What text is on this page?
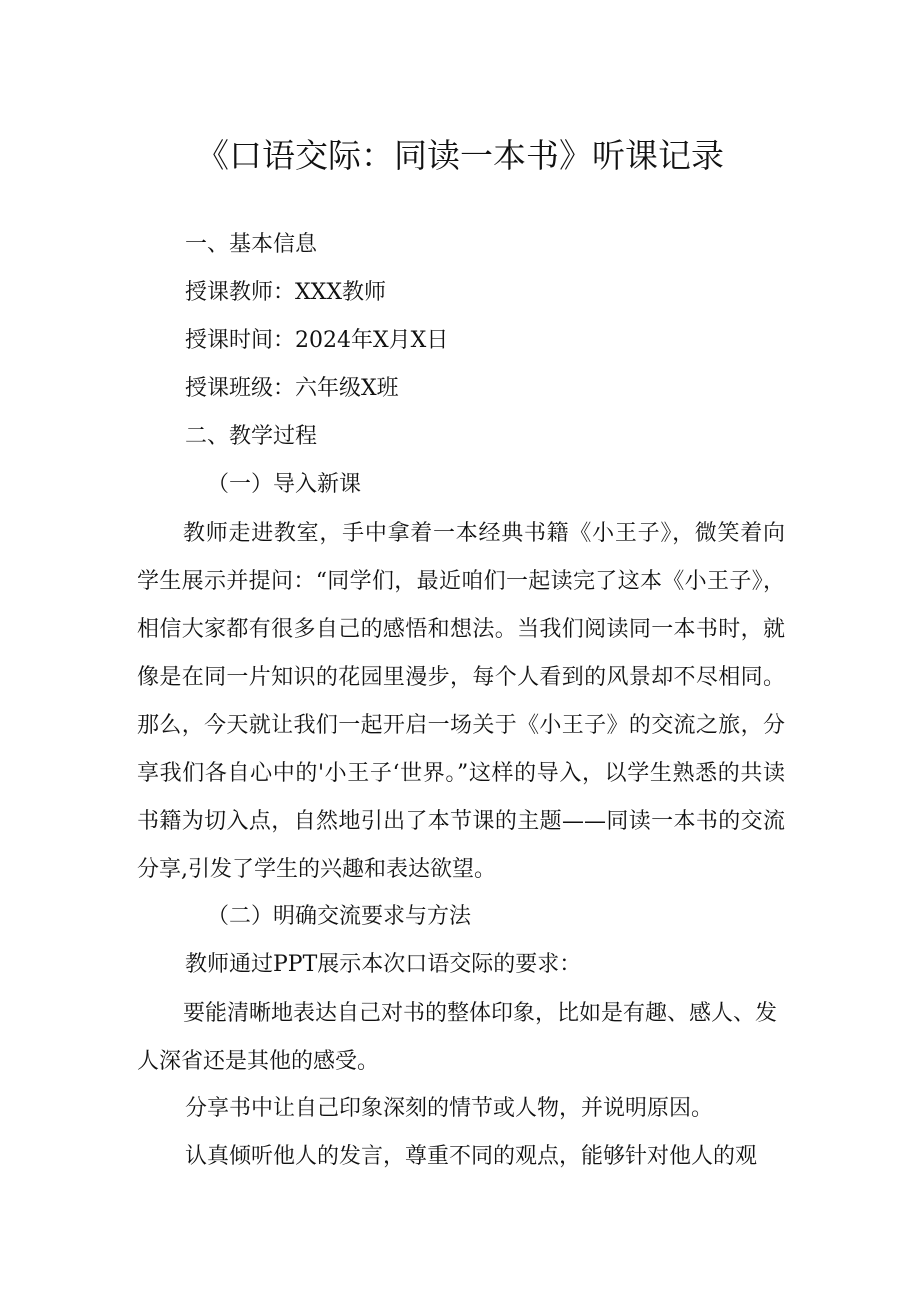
《口语交际：同读一本书》听课记录

一、基本信息

授课教师：XXX教师

授课时间：2024年X月X日

授课班级：六年级X班

二、教学过程

（一）导入新课

教师走进教室，手中拿着一本经典书籍《小王子》，微笑着向学生展示并提问：“同学们，最近咱们一起读完了这本《小王子》，相信大家都有很多自己的感悟和想法。当我们阅读同一本书时，就像是在同一片知识的花园里漫步，每个人看到的风景却不尽相同。那么，今天就让我们一起开启一场关于《小王子》的交流之旅，分享我们各自心中的'小王子‘世界。”这样的导入，以学生熟悉的共读书籍为切入点，自然地引出了本节课的主题——同读一本书的交流分享,引发了学生的兴趣和表达欲望。

（二）明确交流要求与方法

教师通过PPT展示本次口语交际的要求：

要能清晰地表达自己对书的整体印象，比如是有趣、感人、发人深省还是其他的感受。

分享书中让自己印象深刻的情节或人物，并说明原因。

认真倾听他人的发言，尊重不同的观点，能够针对他人的观
